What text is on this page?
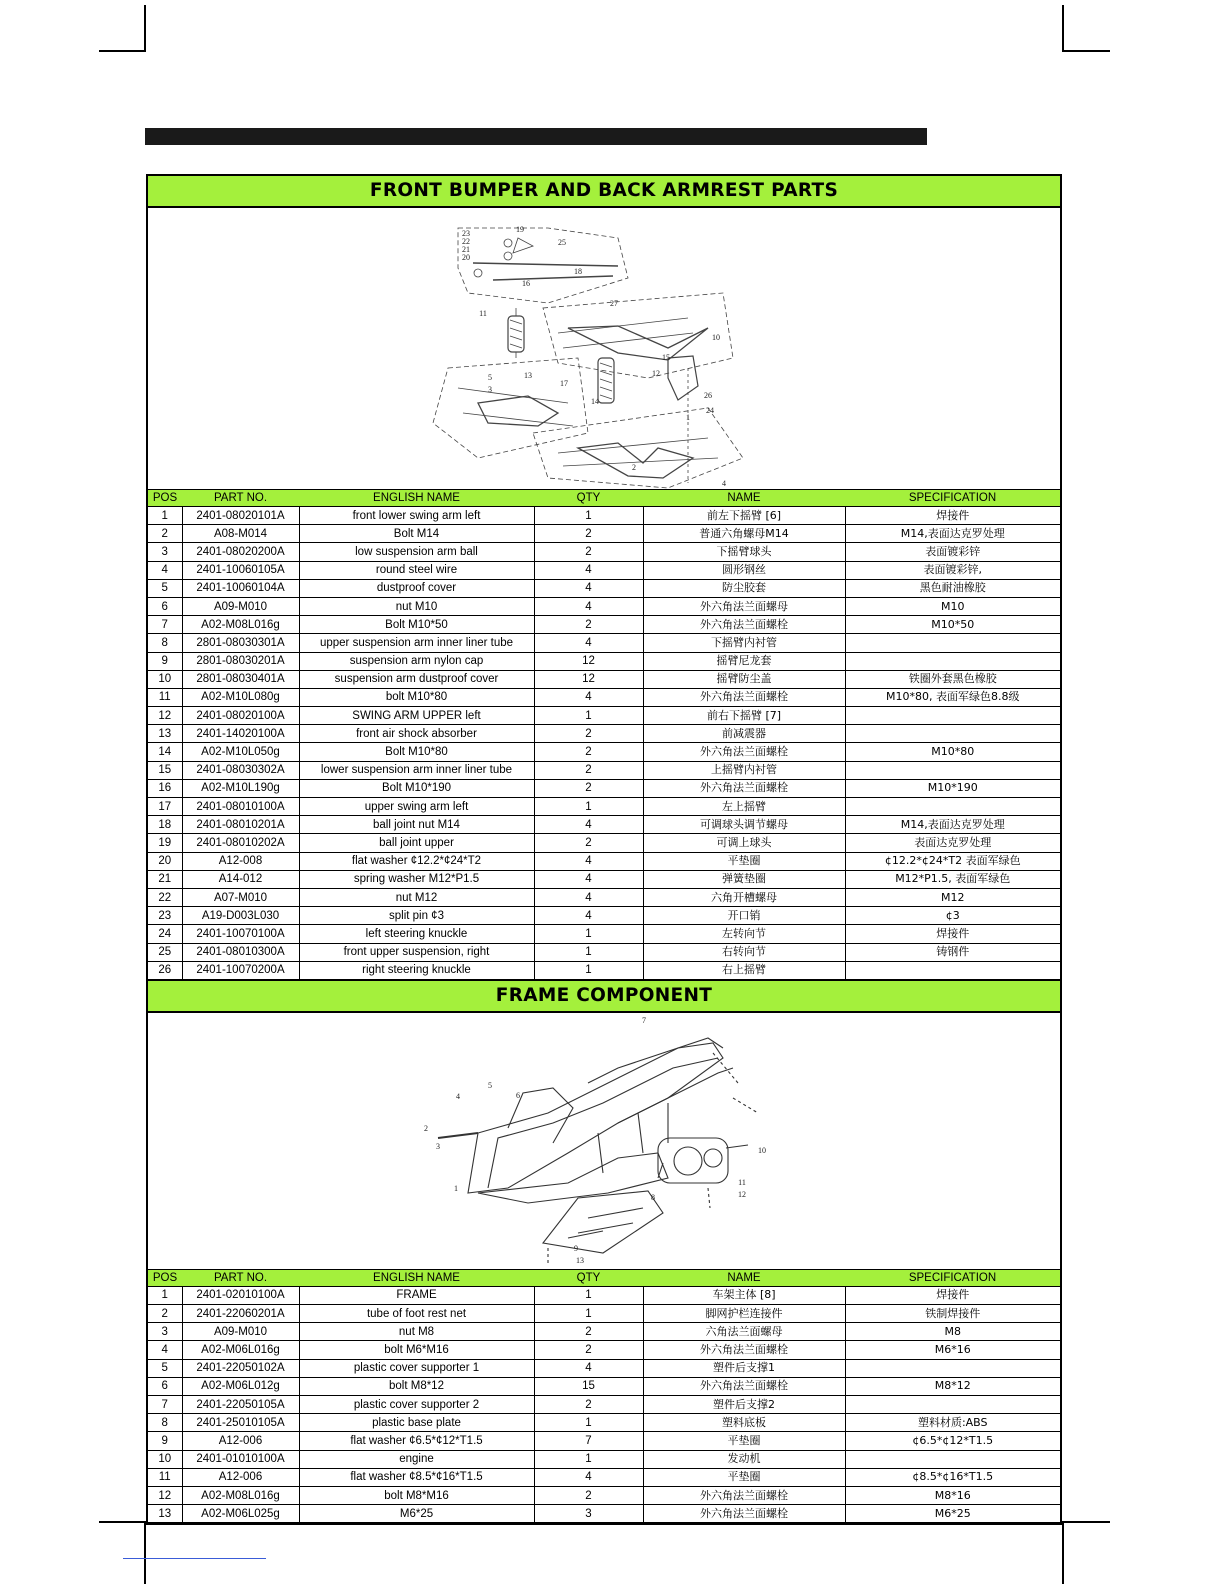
FRONT BUMPER AND BACK ARMREST PARTS
19
23
22
21
20
25
18
16
11
27
13
14
5
3
17
24
1
15
12
26
10
2
4
POS	PART NO.	ENGLISH NAME	QTY	NAME	SPECIFICATION
1	2401-08020101A	front lower swing arm left	1	前左下摇臂 [6]	焊接件
2	A08-M014	Bolt M14	2	普通六角螺母M14	M14,表面达克罗处理
3	2401-08020200A	low suspension arm ball	2	下摇臂球头	表面镀彩锌
4	2401-10060105A	round steel wire	4	圆形钢丝	表面镀彩锌,
5	2401-10060104A	dustproof cover	4	防尘胶套	黑色耐油橡胶
6	A09-M010	nut M10	4	外六角法兰面螺母	M10
7	A02-M08L016g	Bolt M10*50	2	外六角法兰面螺栓	M10*50
8	2801-08030301A	upper suspension arm inner liner tube	4	下摇臂内衬管	
9	2801-08030201A	suspension arm nylon cap	12	摇臂尼龙套	
10	2801-08030401A	suspension arm dustproof cover	12	摇臂防尘盖	铁圈外套黑色橡胶
11	A02-M10L080g	bolt M10*80	4	外六角法兰面螺栓	M10*80, 表面军绿色8.8级
12	2401-08020100A	SWING ARM UPPER left	1	前右下摇臂 [7]	
13	2401-14020100A	front air shock absorber	2	前减震器	
14	A02-M10L050g	Bolt M10*80	2	外六角法兰面螺栓	M10*80
15	2401-08030302A	lower suspension arm inner liner tube	2	上摇臂内衬管	
16	A02-M10L190g	Bolt M10*190	2	外六角法兰面螺栓	M10*190
17	2401-08010100A	upper swing arm left	1	左上摇臂	
18	2401-08010201A	ball joint nut M14	4	可调球头调节螺母	M14,表面达克罗处理
19	2401-08010202A	ball joint upper	2	可调上球头	表面达克罗处理
20	A12-008	flat washer ¢12.2*¢24*T2	4	平垫圈	¢12.2*¢24*T2 表面军绿色
21	A14-012	spring washer M12*P1.5	4	弹簧垫圈	M12*P1.5, 表面军绿色
22	A07-M010	nut M12	4	六角开槽螺母	M12
23	A19-D003L030	split pin ¢3	4	开口销	¢3
24	2401-10070100A	left steering knuckle	1	左转向节	焊接件
25	2401-08010300A	front upper suspension, right	1	右转向节	铸钢件
26	2401-10070200A	right steering knuckle	1	右上摇臂	
FRAME COMPONENT
1
2
3
4
5
6
7
8
9
10
11
12
13
POS	PART NO.	ENGLISH NAME	QTY	NAME	SPECIFICATION
1	2401-02010100A	FRAME	1	车架主体 [8]	焊接件
2	2401-22060201A	tube of foot rest net	1	脚网护栏连接件	铁制焊接件
3	A09-M010	nut M8	2	六角法兰面螺母	M8
4	A02-M06L016g	bolt M6*M16	2	外六角法兰面螺栓	M6*16
5	2401-22050102A	plastic cover supporter 1	4	塑件后支撑1	
6	A02-M06L012g	bolt M8*12	15	外六角法兰面螺栓	M8*12
7	2401-22050105A	plastic cover supporter 2	2	塑件后支撑2	
8	2401-25010105A	plastic base plate	1	塑料底板	塑料材质:ABS
9	A12-006	flat washer ¢6.5*¢12*T1.5	7	平垫圈	¢6.5*¢12*T1.5
10	2401-01010100A	engine	1	发动机	
11	A12-006	flat washer ¢8.5*¢16*T1.5	4	平垫圈	¢8.5*¢16*T1.5
12	A02-M08L016g	bolt M8*M16	2	外六角法兰面螺栓	M8*16
13	A02-M06L025g	M6*25	3	外六角法兰面螺栓	M6*25
